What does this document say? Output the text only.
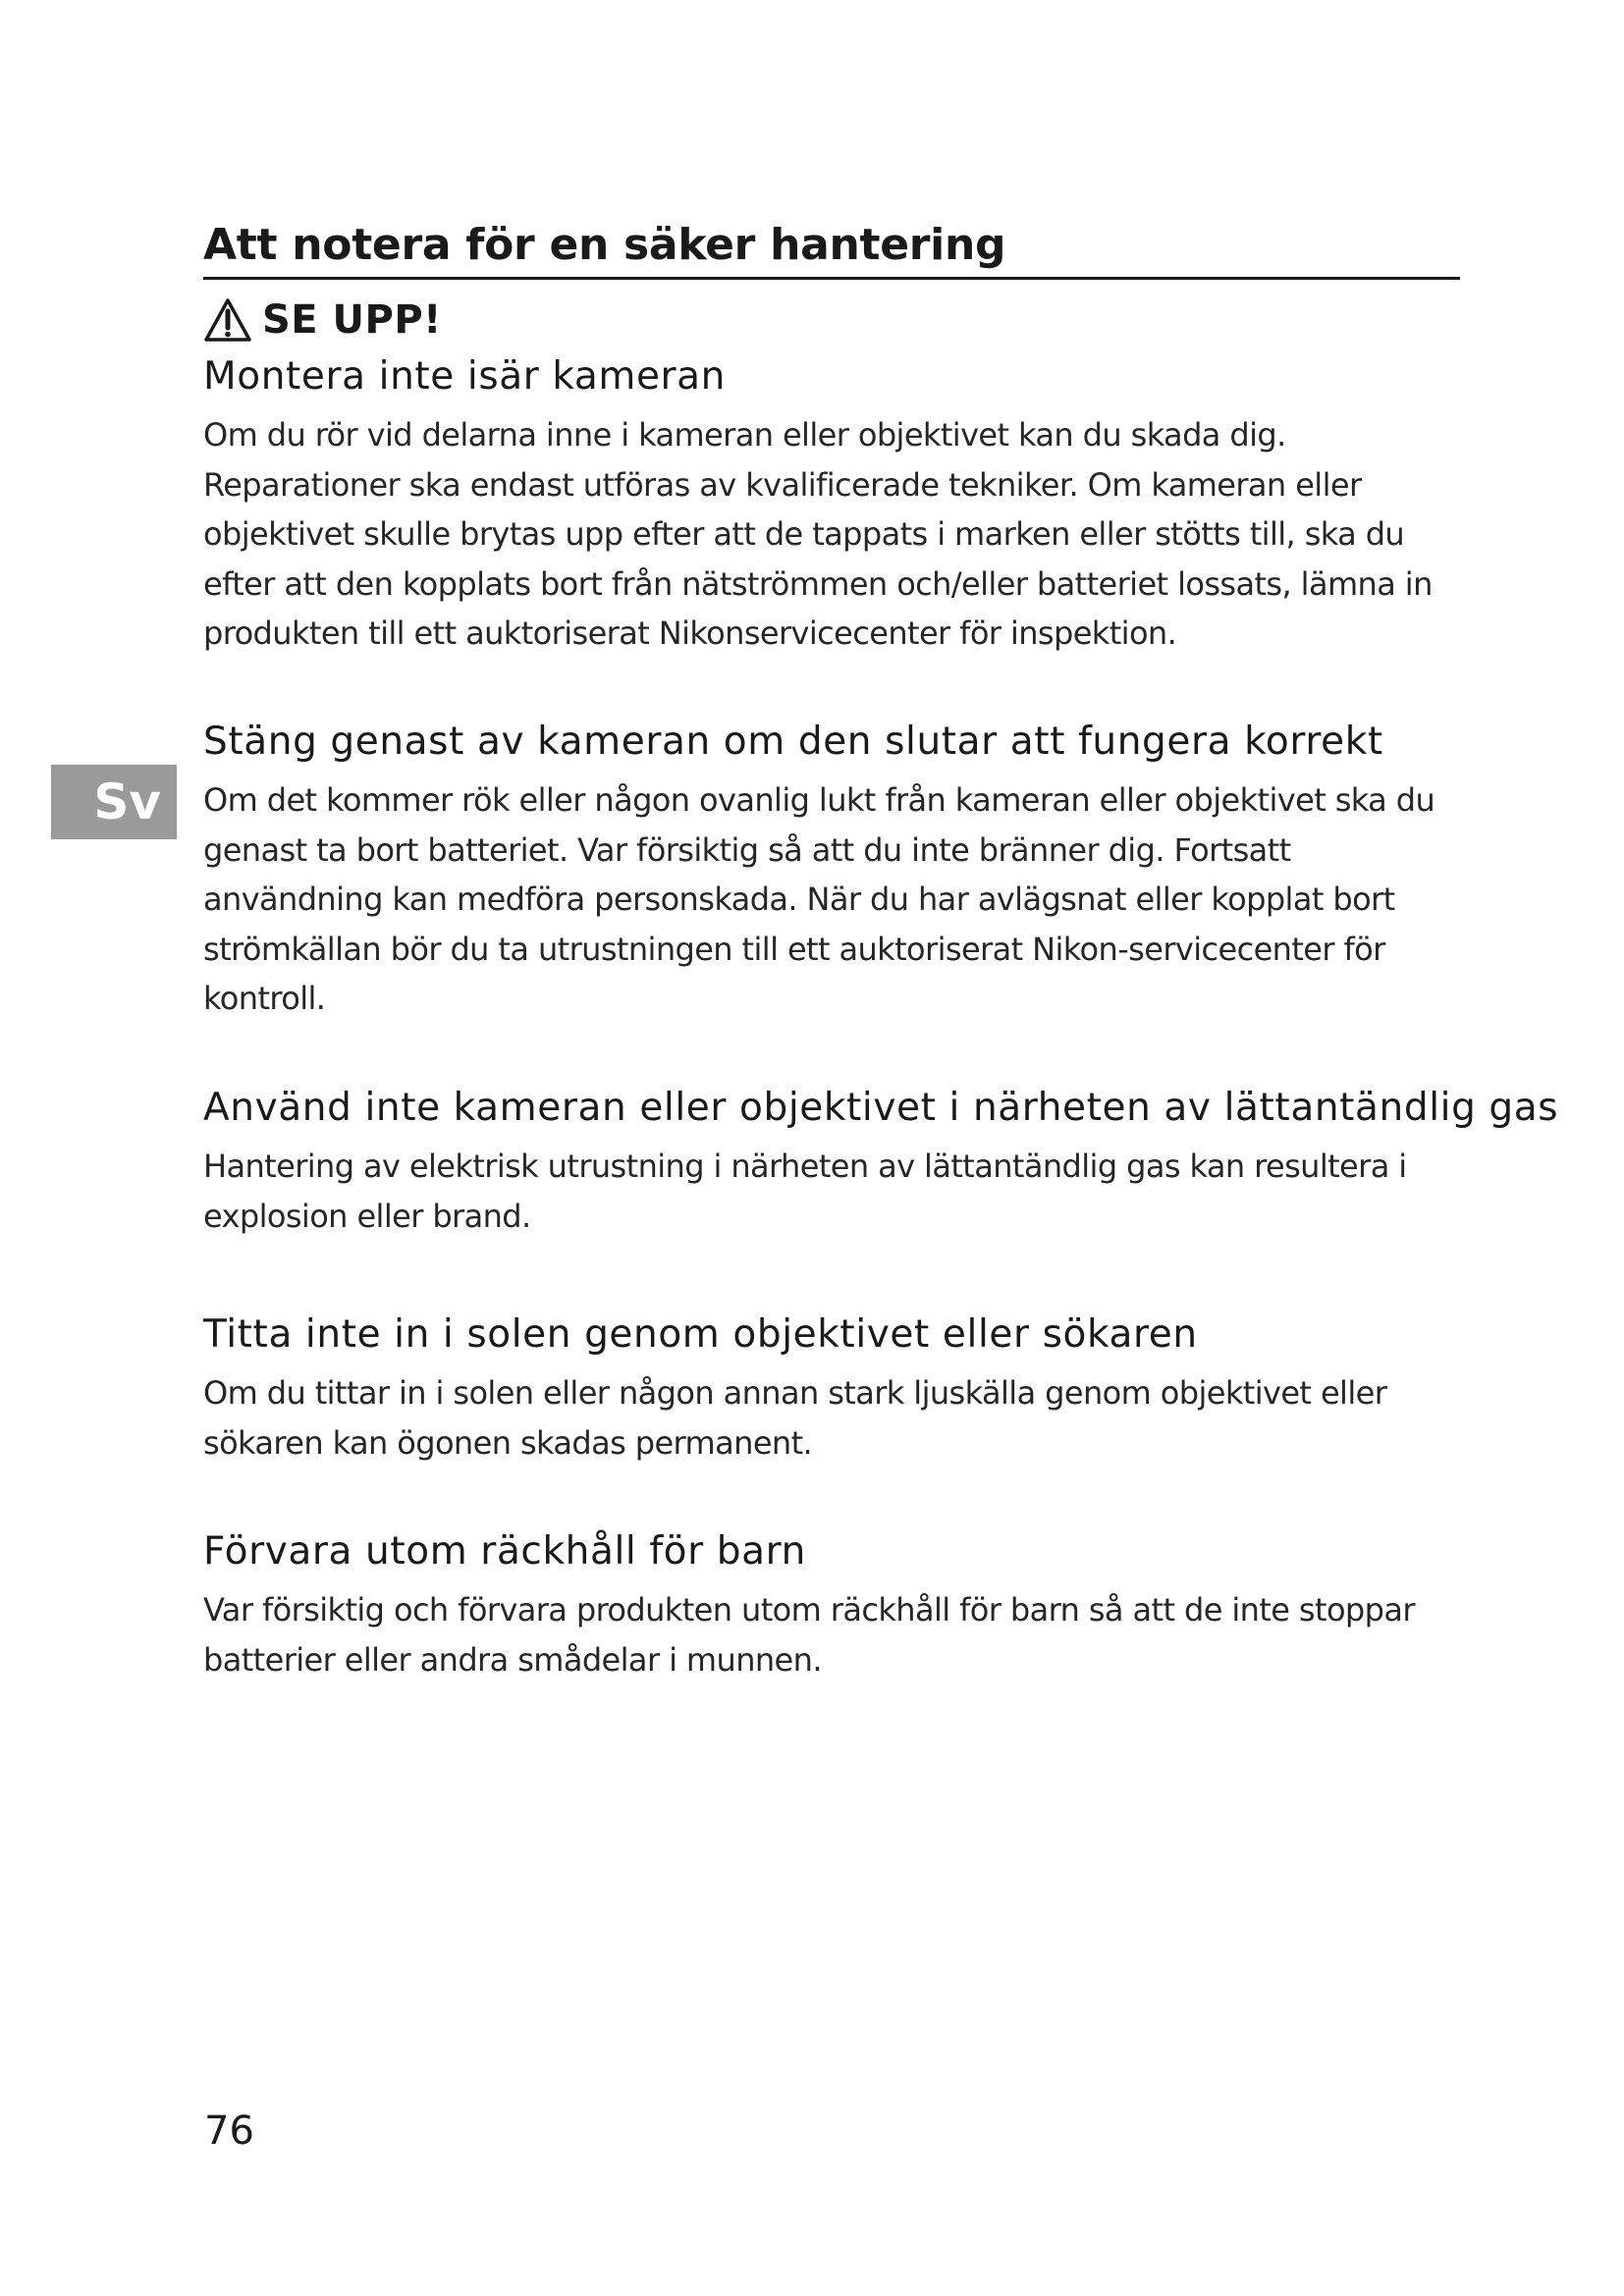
Att notera för en säker hantering
SE UPP!
Montera inte isär kameran

Om du rör vid delarna inne i kameran eller objektivet kan du skada dig. Reparationer ska endast utföras av kvalificerade tekniker. Om kameran eller objektivet skulle brytas upp efter att de tappats i marken eller stötts till, ska du efter att den kopplats bort från nätströmmen och/eller batteriet lossats, lämna in produkten till ett auktoriserat Nikonservicecenter för inspektion.

Stäng genast av kameran om den slutar att fungera korrekt

Om det kommer rök eller någon ovanlig lukt från kameran eller objektivet ska du genast ta bort batteriet. Var försiktig så att du inte bränner dig. Fortsatt användning kan medföra personskada. När du har avlägsnat eller kopplat bort strömkällan bör du ta utrustningen till ett auktoriserat Nikon-servicecenter för kontroll.

Använd inte kameran eller objektivet i närheten av lättantändlig gas

Hantering av elektrisk utrustning i närheten av lättantändlig gas kan resultera i explosion eller brand.

Titta inte in i solen genom objektivet eller sökaren

Om du tittar in i solen eller någon annan stark ljuskälla genom objektivet eller sökaren kan ögonen skadas permanent.

Förvara utom räckhåll för barn

Var försiktig och förvara produkten utom räckhåll för barn så att de inte stoppar batterier eller andra smådelar i munnen.

Sv
76
